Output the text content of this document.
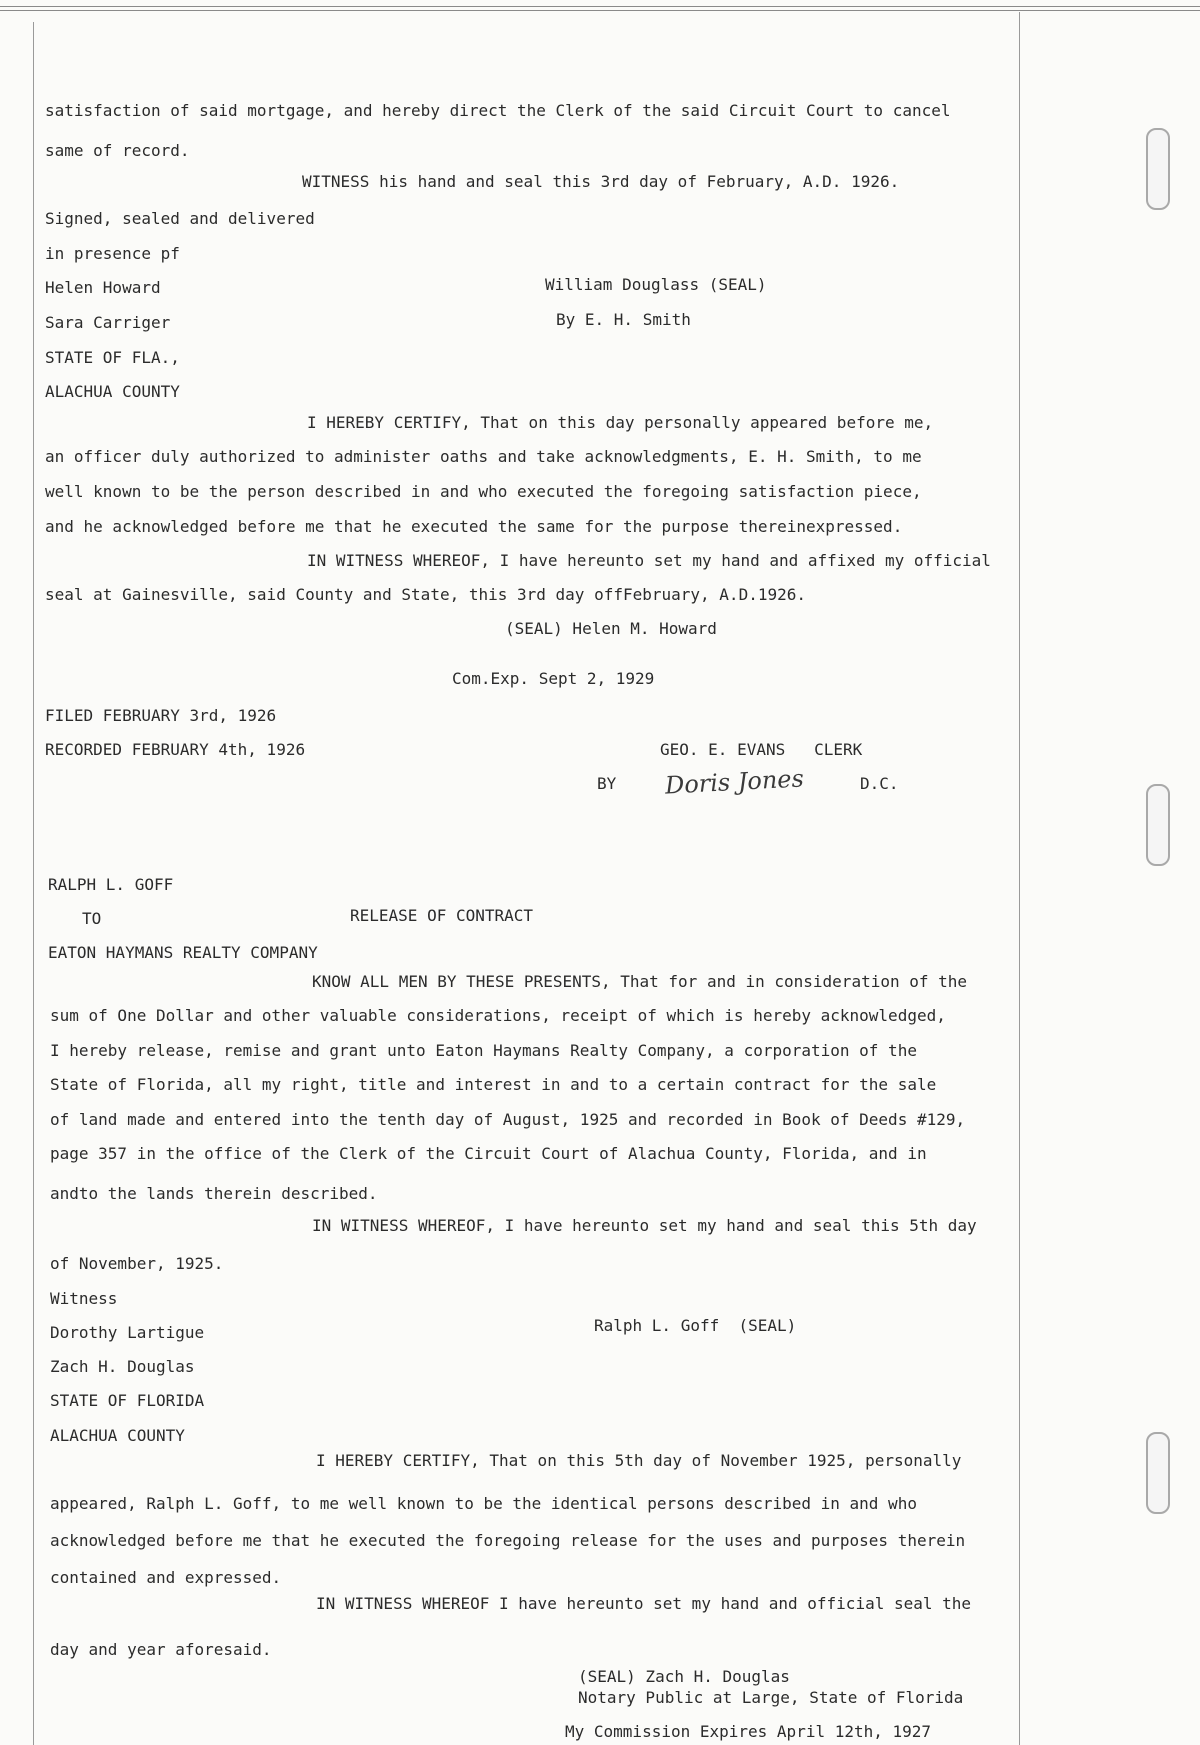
satisfaction of said mortgage, and hereby direct the Clerk of the said Circuit Court to cancel
same of record.
WITNESS his hand and seal this 3rd day of February, A.D. 1926.
Signed, sealed and delivered
in presence pf
Helen Howard	William Douglass (SEAL)
Sara Carriger	By E. H. Smith
STATE OF FLA.,
ALACHUA COUNTY
I HEREBY CERTIFY, That on this day personally appeared before me,
an officer duly authorized to administer oaths and take acknowledgments, E. H. Smith, to me
well known to be the person described in and who executed the foregoing satisfaction piece,
and he acknowledged before me that he executed the same for the purpose thereinexpressed.
IN WITNESS WHEREOF, I have hereunto set my hand and affixed my official
seal at Gainesville, said County and State, this 3rd day offFebruary, A.D.1926.
(SEAL) Helen M. Howard
Com.Exp. Sept 2, 1929
FILED FEBRUARY 3rd, 1926
RECORDED FEBRUARY 4th, 1926	GEO. E. EVANS   CLERK
BY Doris Jones	D.C.
RALPH L. GOFF
TO	RELEASE OF CONTRACT
EATON HAYMANS REALTY COMPANY
KNOW ALL MEN BY THESE PRESENTS, That for and in consideration of the
sum of One Dollar and other valuable considerations, receipt of which is hereby acknowledged,
I hereby release, remise and grant unto Eaton Haymans Realty Company, a corporation of the
State of Florida, all my right, title and interest in and to a certain contract for the sale
of land made and entered into the tenth day of August, 1925 and recorded in Book of Deeds #129,
page 357 in the office of the Clerk of the Circuit Court of Alachua County, Florida, and in
andto the lands therein described.
IN WITNESS WHEREOF, I have hereunto set my hand and seal this 5th day
of November, 1925.
Witness
Dorothy Lartigue	Ralph L. Goff  (SEAL)
Zach H. Douglas
STATE OF FLORIDA
ALACHUA COUNTY
I HEREBY CERTIFY, That on this 5th day of November 1925, personally
appeared, Ralph L. Goff, to me well known to be the identical persons described in and who
acknowledged before me that he executed the foregoing release for the uses and purposes therein
contained and expressed.
IN WITNESS WHEREOF I have hereunto set my hand and official seal the
day and year aforesaid.
(SEAL) Zach H. Douglas
Notary Public at Large, State of Florida
My Commission Expires April 12th, 1927
